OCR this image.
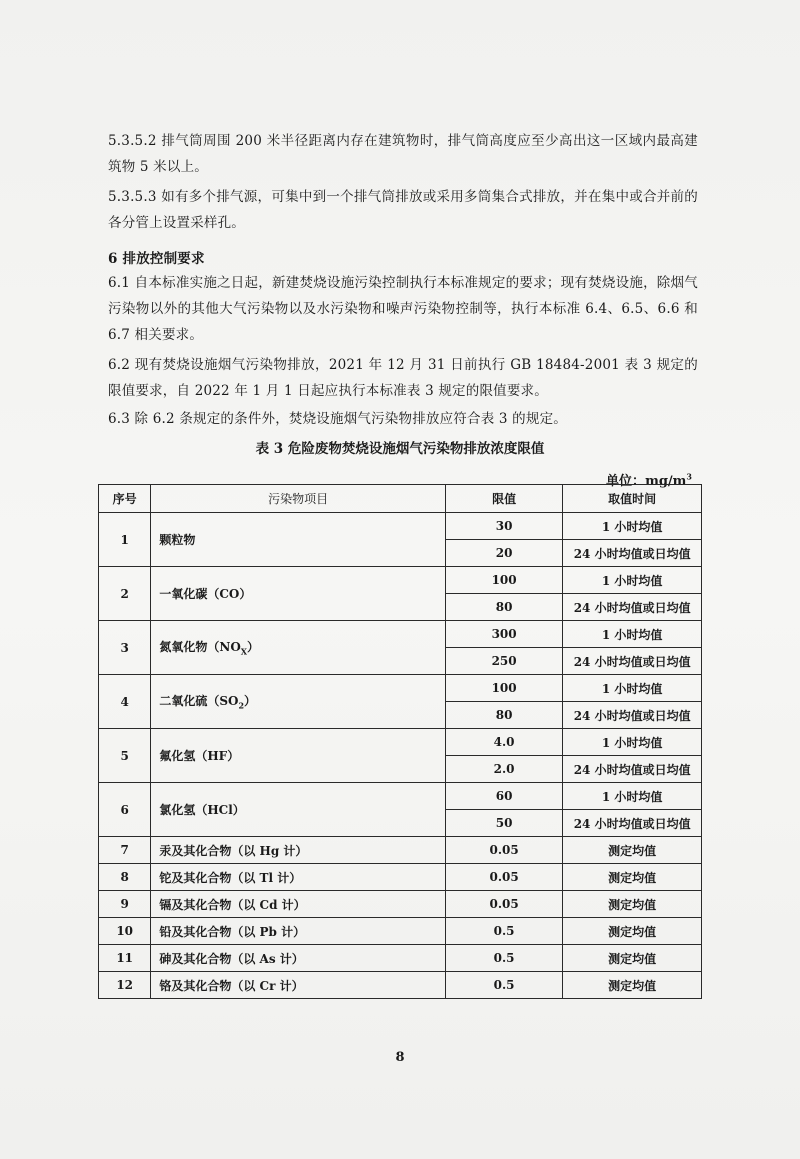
5.3.5.2 排气筒周围 200 米半径距离内存在建筑物时，排气筒高度应至少高出这一区域内最高建筑物 5 米以上。
5.3.5.3 如有多个排气源，可集中到一个排气筒排放或采用多筒集合式排放，并在集中或合并前的各分管上设置采样孔。
6 排放控制要求
6.1 自本标准实施之日起，新建焚烧设施污染控制执行本标准规定的要求；现有焚烧设施，除烟气污染物以外的其他大气污染物以及水污染物和噪声污染物控制等，执行本标准 6.4、6.5、6.6 和 6.7 相关要求。
6.2 现有焚烧设施烟气污染物排放，2021 年 12 月 31 日前执行 GB 18484-2001 表 3 规定的限值要求，自 2022 年 1 月 1 日起应执行本标准表 3 规定的限值要求。
6.3 除 6.2 条规定的条件外，焚烧设施烟气污染物排放应符合表 3 的规定。
表 3 危险废物焚烧设施烟气污染物排放浓度限值
单位：$mg/m^3$
序号	污染物项目	限值	取值时间
1	颗粒物	30	1 小时均值
		20	24 小时均值或日均值
2	一氧化碳（CO）	100	1 小时均值
		80	24 小时均值或日均值
3	氮氧化物$(NO_X)$	300	1 小时均值
		250	24 小时均值或日均值
4	二氧化硫$(SO_2)$	100	1 小时均值
		80	24 小时均值或日均值
5	氟化氢（HF）	4.0	1 小时均值
		2.0	24 小时均值或日均值
6	氯化氢（HCl）	60	1 小时均值
		50	24 小时均值或日均值
7	汞及其化合物（以 Hg 计）	0.05	测定均值
8	铊及其化合物（以 Tl 计）	0.05	测定均值
9	镉及其化合物（以 Cd 计）	0.05	测定均值
10	铅及其化合物（以 Pb 计）	0.5	测定均值
11	砷及其化合物（以 As 计）	0.5	测定均值
12	铬及其化合物（以 Cr 计）	0.5	测定均值
8
